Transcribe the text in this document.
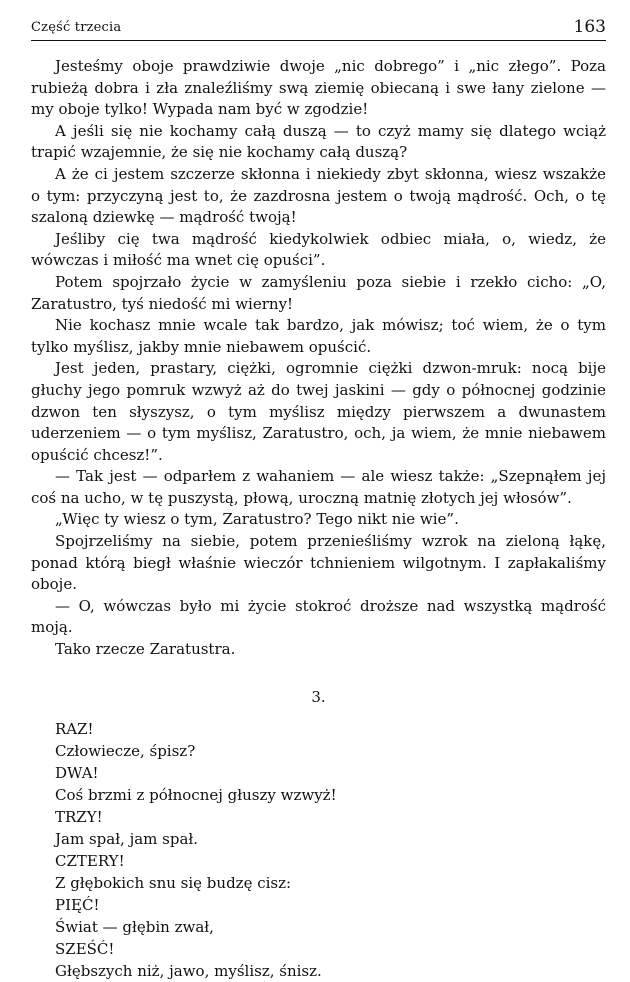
Część trzecia	163

Jesteśmy oboje prawdziwie dwoje „nic dobrego” i „nic złego”. Poza rubieżą dobra i zła znaleźliśmy swą ziemię obiecaną i swe łany zielone — my oboje tylko! Wypada nam być w zgodzie!

A jeśli się nie kochamy całą duszą — to czyż mamy się dlatego wciąż trapić wzajemnie, że się nie kochamy całą duszą?

A że ci jestem szczerze skłonna i niekiedy zbyt skłonna, wiesz wszakże o tym: przyczyną jest to, że zazdrosna jestem o twoją mądrość. Och, o tę szaloną dziewkę — mądrość twoją!

Jeśliby cię twa mądrość kiedykolwiek odbiec miała, o, wiedz, że wówczas i miłość ma wnet cię opuści”.

Potem spojrzało życie w zamyśleniu poza siebie i rzekło cicho: „O, Zaratustro, tyś niedość mi wierny!

Nie kochasz mnie wcale tak bardzo, jak mówisz; toć wiem, że o tym tylko myślisz, jakby mnie niebawem opuścić.

Jest jeden, prastary, ciężki, ogromnie ciężki dzwon-mruk: nocą bije głuchy jego pomruk wzwyż aż do twej jaskini — gdy o północnej godzinie dzwon ten słyszysz, o tym myślisz między pierwszem a dwunastem uderzeniem — o tym myślisz, Zaratustro, och, ja wiem, że mnie niebawem opuścić chcesz!”.

— Tak jest — odparłem z wahaniem — ale wiesz także: „Szepnąłem jej coś na ucho, w tę puszystą, płową, uroczną matnię złotych jej włosów”.

„Więc ty wiesz o tym, Zaratustro? Tego nikt nie wie”.

Spojrzeliśmy na siebie, potem przenieśliśmy wzrok na zieloną łąkę, ponad którą biegł właśnie wieczór tchnieniem wilgotnym. I zapłakaliśmy oboje.

— O, wówczas było mi życie stokroć droższe nad wszystką mądrość moją.

Tako rzecze Zaratustra.

3.
RAZ!
Człowiecze, śpisz?
DWA!
Coś brzmi z północnej głuszy wzwyż!
TRZY!
Jam spał, jam spał.
CZTERY!
Z głębokich snu się budzę cisz:
PIĘĆ!
Świat — głębin zwał,
SZEŚĆ!
Głębszych niż, jawo, myślisz, śnisz.
